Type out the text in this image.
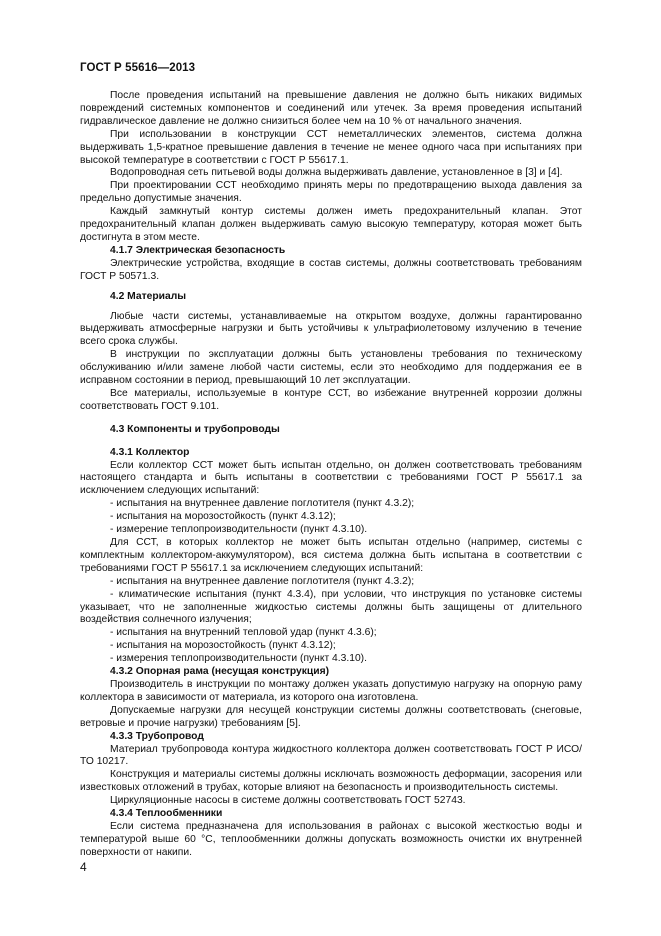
ГОСТ Р 55616—2013

После проведения испытаний на превышение давления не должно быть никаких видимых повреждений системных компонентов и соединений или утечек. За время проведения испытаний гидравлическое давление не должно снизиться более чем на 10 % от начального значения.

При использовании в конструкции ССТ неметаллических элементов, система должна выдерживать 1,5-кратное превышение давления в течение не менее одного часа при испытаниях при высокой температуре в соответствии с ГОСТ Р 55617.1.

Водопроводная сеть питьевой воды должна выдерживать давление, установленное в [3] и [4].

При проектировании ССТ необходимо принять меры по предотвращению выхода давления за предельно допустимые значения.

Каждый замкнутый контур системы должен иметь предохранительный клапан. Этот предохранительный клапан должен выдерживать самую высокую температуру, которая может быть достигнута в этом месте.

4.1.7 Электрическая безопасность

Электрические устройства, входящие в состав системы, должны соответствовать требованиям ГОСТ Р 50571.3.

4.2 Материалы

Любые части системы, устанавливаемые на открытом воздухе, должны гарантированно выдерживать атмосферные нагрузки и быть устойчивы к ультрафиолетовому излучению в течение всего срока службы.

В инструкции по эксплуатации должны быть установлены требования по техническому обслуживанию и/или замене любой части системы, если это необходимо для поддержания ее в исправном состоянии в период, превышающий 10 лет эксплуатации.

Все материалы, используемые в контуре ССТ, во избежание внутренней коррозии должны соответствовать ГОСТ 9.101.

4.3 Компоненты и трубопроводы

4.3.1 Коллектор

Если коллектор ССТ может быть испытан отдельно, он должен соответствовать требованиям настоящего стандарта и быть испытаны в соответствии с требованиями ГОСТ Р 55617.1 за исключением следующих испытаний:

- испытания на внутреннее давление поглотителя (пункт 4.3.2);

- испытания на морозостойкость (пункт 4.3.12);

- измерение теплопроизводительности (пункт 4.3.10).

Для ССТ, в которых коллектор не может быть испытан отдельно (например, системы с комплектным коллектором-аккумулятором), вся система должна быть испытана в соответствии с требованиями ГОСТ Р 55617.1 за исключением следующих испытаний:

- испытания на внутреннее давление поглотителя (пункт 4.3.2);

- климатические испытания (пункт 4.3.4), при условии, что инструкция по установке системы указывает, что не заполненные жидкостью системы должны быть защищены от длительного воздействия солнечного излучения;

- испытания на внутренний тепловой удар (пункт 4.3.6);

- испытания на морозостойкость (пункт 4.3.12);

- измерения теплопроизводительности (пункт 4.3.10).

4.3.2 Опорная рама (несущая конструкция)

Производитель в инструкции по монтажу должен указать допустимую нагрузку на опорную раму коллектора в зависимости от материала, из которого она изготовлена.

Допускаемые нагрузки для несущей конструкции системы должны соответствовать (снеговые, ветровые и прочие нагрузки) требованиям [5].

4.3.3 Трубопровод

Материал трубопровода контура жидкостного коллектора должен соответствовать ГОСТ Р ИСО/ТО 10217.

Конструкция и материалы системы должны исключать возможность деформации, засорения или известковых отложений в трубах, которые влияют на безопасность и производительность системы.

Циркуляционные насосы в системе должны соответствовать ГОСТ 52743.

4.3.4 Теплообменники

Если система предназначена для использования в районах с высокой жесткостью воды и температурой выше 60 °С, теплообменники должны допускать возможность очистки их внутренней поверхности от накипи.

4
